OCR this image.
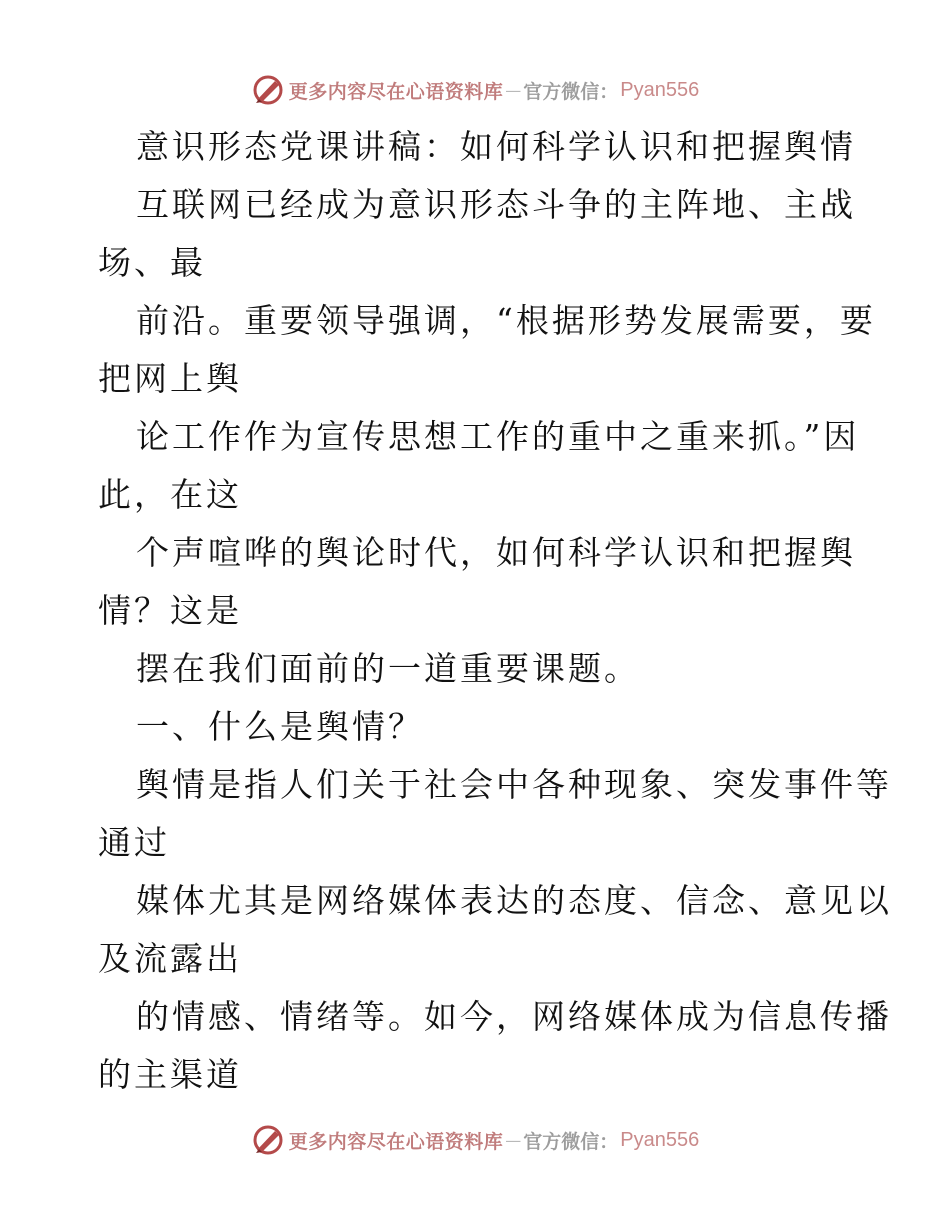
更多内容尽在心语资料库 — 官方微信： Pyan556
意识形态党课讲稿：如何科学认识和把握舆情
互联网已经成为意识形态斗争的主阵地、主战
场、最
前沿。重要领导强调，“根据形势发展需要，要
把网上舆
论工作作为宣传思想工作的重中之重来抓。”因
此，在这
个声喧哗的舆论时代，如何科学认识和把握舆
情？这是
摆在我们面前的一道重要课题。
一、什么是舆情？
舆情是指人们关于社会中各种现象、突发事件等
通过
媒体尤其是网络媒体表达的态度、信念、意见以
及流露出
的情感、情绪等。如今，网络媒体成为信息传播
的主渠道
更多内容尽在心语资料库 — 官方微信： Pyan556
